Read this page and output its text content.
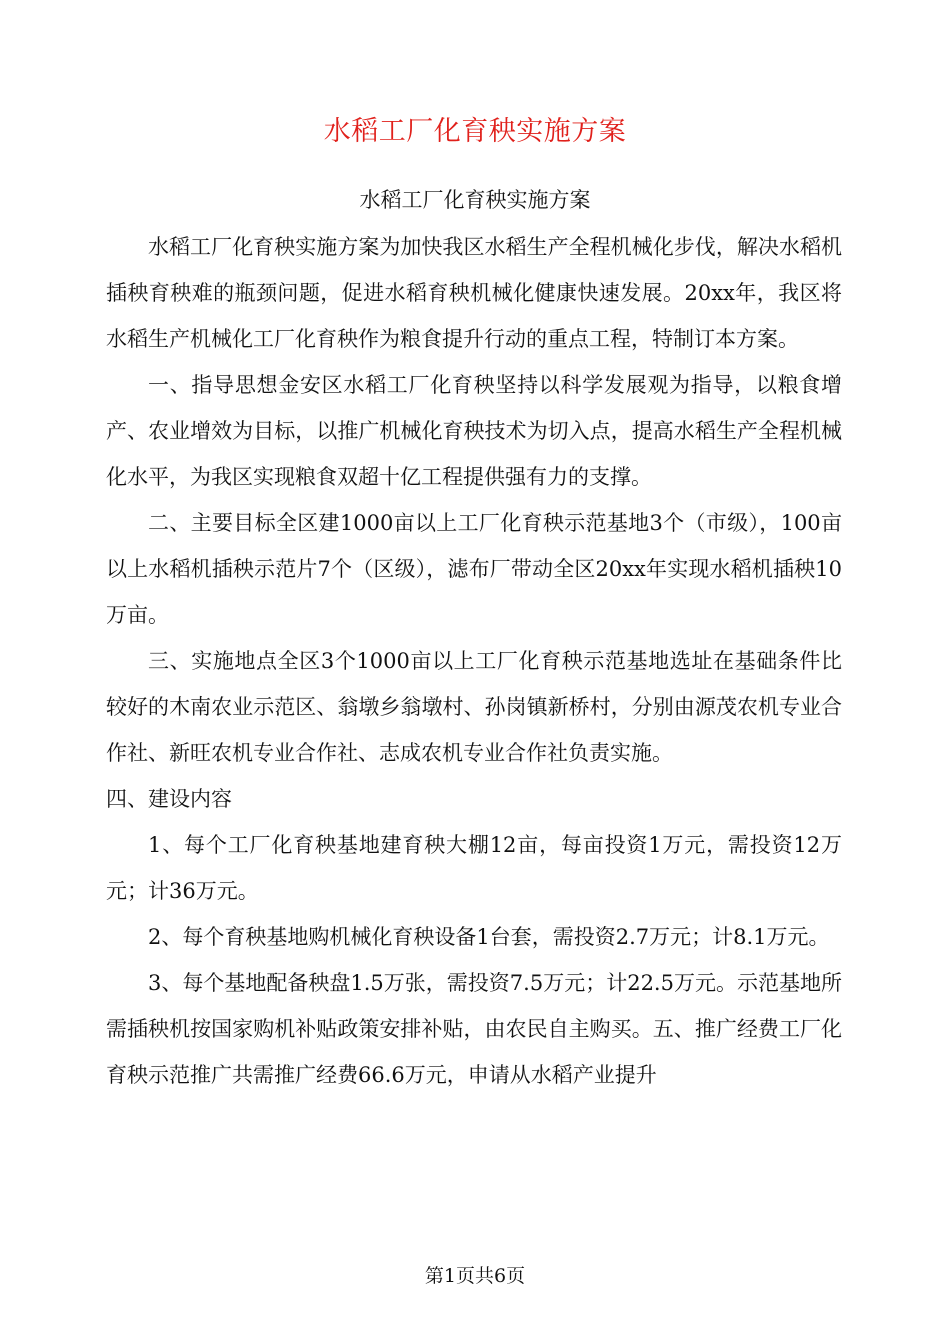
水稻工厂化育秧实施方案
水稻工厂化育秧实施方案

水稻工厂化育秧实施方案为加快我区水稻生产全程机械化步伐，解决水稻机插秧育秧难的瓶颈问题，促进水稻育秧机械化健康快速发展。20xx年，我区将水稻生产机械化工厂化育秧作为粮食提升行动的重点工程，特制订本方案。

一、指导思想金安区水稻工厂化育秧坚持以科学发展观为指导，以粮食增产、农业增效为目标，以推广机械化育秧技术为切入点，提高水稻生产全程机械化水平，为我区实现粮食双超十亿工程提供强有力的支撑。

二、主要目标全区建1000亩以上工厂化育秧示范基地3个（市级），100亩以上水稻机插秧示范片7个（区级），滤布厂带动全区20xx年实现水稻机插秧10万亩。

三、实施地点全区3个1000亩以上工厂化育秧示范基地选址在基础条件比较好的木南农业示范区、翁墩乡翁墩村、孙岗镇新桥村，分别由源茂农机专业合作社、新旺农机专业合作社、志成农机专业合作社负责实施。

四、建设内容

1、每个工厂化育秧基地建育秧大棚12亩，每亩投资1万元，需投资12万元；计36万元。

2、每个育秧基地购机械化育秧设备1台套，需投资2.7万元；计8.1万元。

3、每个基地配备秧盘1.5万张，需投资7.5万元；计22.5万元。示范基地所需插秧机按国家购机补贴政策安排补贴，由农民自主购买。五、推广经费工厂化育秧示范推广共需推广经费66.6万元，申请从水稻产业提升

第1页共6页
